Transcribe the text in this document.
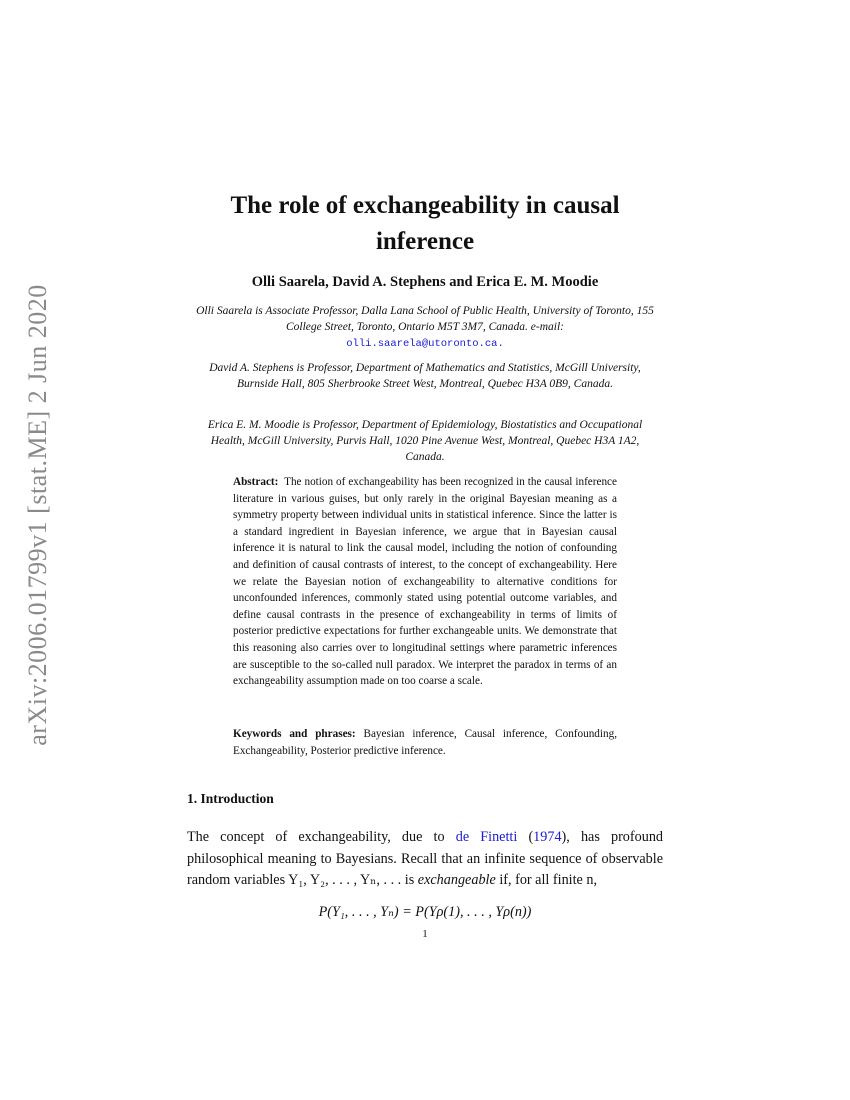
arXiv:2006.01799v1 [stat.ME] 2 Jun 2020
The role of exchangeability in causal inference

Olli Saarela, David A. Stephens and Erica E. M. Moodie

Olli Saarela is Associate Professor, Dalla Lana School of Public Health, University of Toronto, 155 College Street, Toronto, Ontario M5T 3M7, Canada. e-mail:
olli.saarela@utoronto.ca.

David A. Stephens is Professor, Department of Mathematics and Statistics, McGill University, Burnside Hall, 805 Sherbrooke Street West, Montreal, Quebec H3A 0B9, Canada.

Erica E. M. Moodie is Professor, Department of Epidemiology, Biostatistics and Occupational Health, McGill University, Purvis Hall, 1020 Pine Avenue West, Montreal, Quebec H3A 1A2, Canada.

Abstract: The notion of exchangeability has been recognized in the causal inference literature in various guises, but only rarely in the original Bayesian meaning as a symmetry property between individual units in statistical inference. Since the latter is a standard ingredient in Bayesian inference, we argue that in Bayesian causal inference it is natural to link the causal model, including the notion of confounding and definition of causal contrasts of interest, to the concept of exchangeability. Here we relate the Bayesian notion of exchangeability to alternative conditions for unconfounded inferences, commonly stated using potential outcome variables, and define causal contrasts in the presence of exchangeability in terms of limits of posterior predictive expectations for further exchangeable units. We demonstrate that this reasoning also carries over to longitudinal settings where parametric inferences are susceptible to the so-called null paradox. We interpret the paradox in terms of an exchangeability assumption made on too coarse a scale.

Keywords and phrases: Bayesian inference, Causal inference, Confounding, Exchangeability, Posterior predictive inference.

1. Introduction

The concept of exchangeability, due to de Finetti (1974), has profound philosophical meaning to Bayesians. Recall that an infinite sequence of observable random variables Y₁, Y₂, . . . , Yₙ, . . . is exchangeable if, for all finite n,

P(Y₁, . . . , Yₙ) = P(Yρ(1), . . . , Yρ(n))

1
